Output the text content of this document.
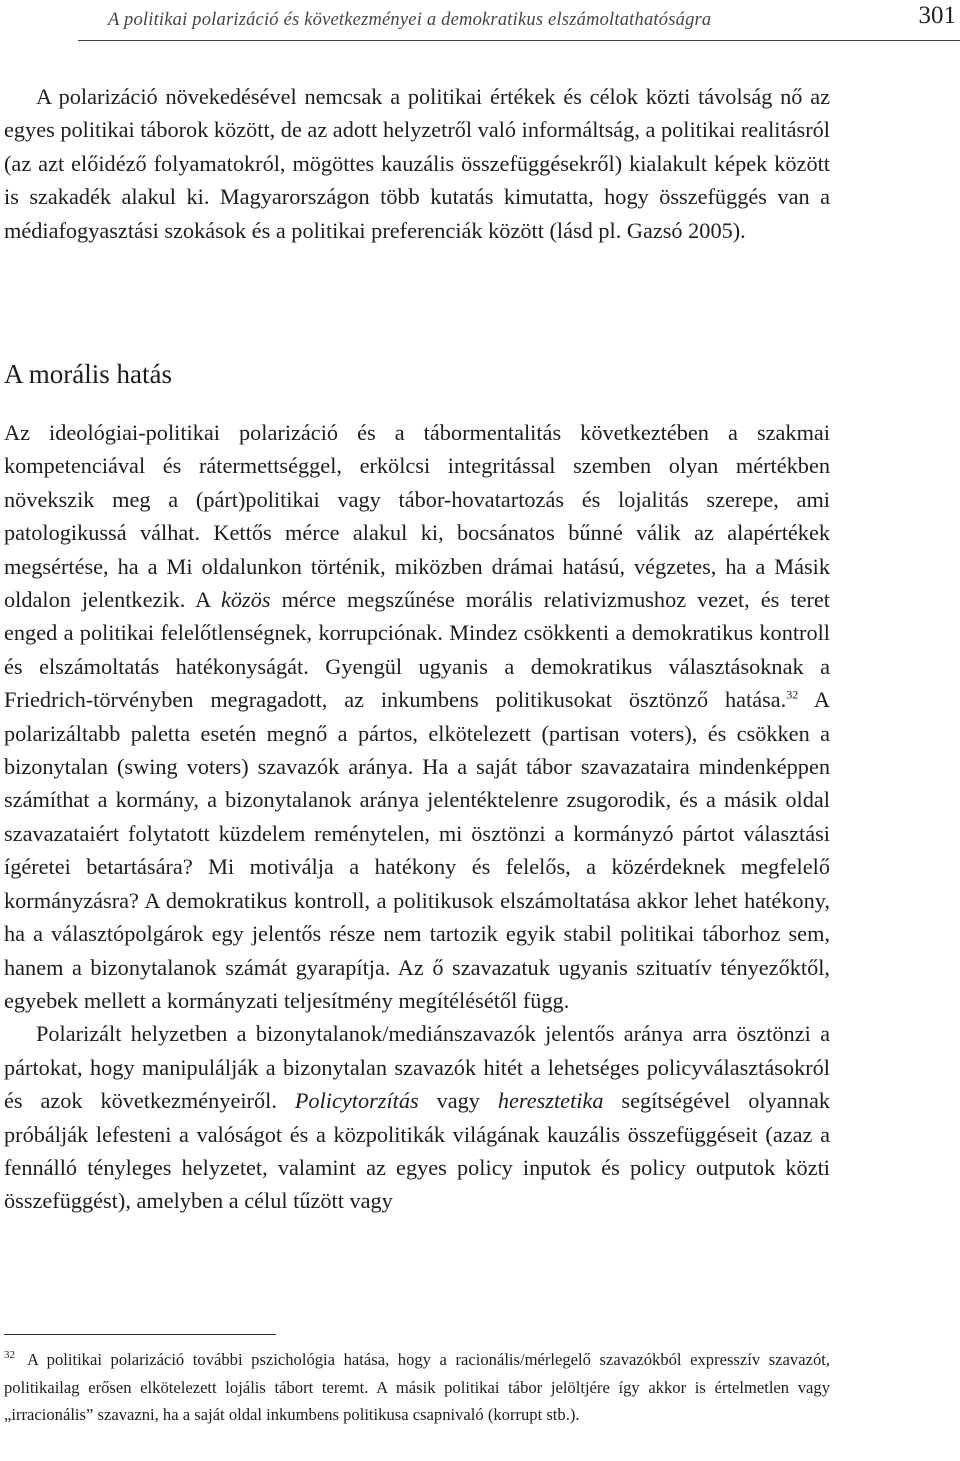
A politikai polarizáció és következményei a demokratikus elszámoltathatóságra	301

A polarizáció növekedésével nemcsak a politikai értékek és célok közti távolság nő az egyes politikai táborok között, de az adott helyzetről való informáltság, a politikai realitásról (az azt előidéző folyamatokról, mögöttes kauzális összefüggésekről) kialakult képek között is szakadék alakul ki. Magyarországon több kutatás kimutatta, hogy összefüggés van a médiafogyasztási szokások és a politikai preferenciák között (lásd pl. Gazsó 2005).

A morális hatás

Az ideológiai-politikai polarizáció és a tábormentalitás következtében a szakmai kompetenciával és rátermettséggel, erkölcsi integritással szemben olyan mértékben növekszik meg a (párt)politikai vagy tábor-hovatartozás és lojalitás szerepe, ami patologikussá válhat. Kettős mérce alakul ki, bocsánatos bűnné válik az alapértékek megsértése, ha a Mi oldalunkon történik, miközben drámai hatású, végzetes, ha a Másik oldalon jelentkezik. A közös mérce megszűnése morális relativizmushoz vezet, és teret enged a politikai felelőtlenségnek, korrupciónak. Mindez csökkenti a demokratikus kontroll és elszámoltatás hatékonyságát. Gyengül ugyanis a demokratikus választásoknak a Friedrich-törvényben megragadott, az inkumbens politikusokat ösztönző hatása.$^{32}$ A polarizáltabb paletta esetén megnő a pártos, elkötelezett (partisan voters), és csökken a bizonytalan (swing voters) szavazók aránya. Ha a saját tábor szavazataira mindenképpen számíthat a kormány, a bizonytalanok aránya jelentéktelenre zsugorodik, és a másik oldal szavazataiért folytatott küzdelem reménytelen, mi ösztönzi a kormányzó pártot választási ígéretei betartására? Mi motiválja a hatékony és felelős, a közérdeknek megfelelő kormányzásra? A demokratikus kontroll, a politikusok elszámoltatása akkor lehet hatékony, ha a választópolgárok egy jelentős része nem tartozik egyik stabil politikai táborhoz sem, hanem a bizonytalanok számát gyarapítja. Az ő szavazatuk ugyanis szituatív tényezőktől, egyebek mellett a kormányzati teljesítmény megítélésétől függ.

Polarizált helyzetben a bizonytalanok/mediánszavazók jelentős aránya arra ösztönzi a pártokat, hogy manipulálják a bizonytalan szavazók hitét a lehetséges policyválasztásokról és azok következményeiről. Policytorzítás vagy heresztetika segítségével olyannak próbálják lefesteni a valóságot és a közpolitikák világának kauzális összefüggéseit (azaz a fennálló tényleges helyzetet, valamint az egyes policy inputok és policy outputok közti összefüggést), amelyben a célul tűzött vagy

$^{32}$ A politikai polarizáció további pszichológia hatása, hogy a racionális/mérlegelő szavazókból expresszív szavazót, politikailag erősen elkötelezett lojális tábort teremt. A másik politikai tábor jelöltjére így akkor is értelmetlen vagy „irracionális” szavazni, ha a saját oldal inkumbens politikusa csapnivaló (korrupt stb.).
